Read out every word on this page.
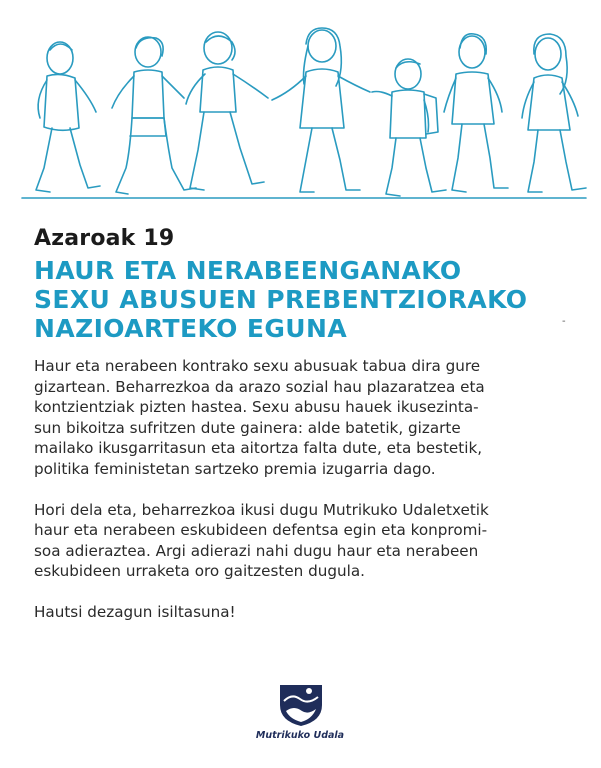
Azaroak 19
HAUR ETA NERABEENGANAKO
SEXU ABUSUEN PREBENTZIORAKO
NAZIOARTEKO EGUNA	-

Haur eta nerabeen kontrako sexu abusuak tabua dira gure
gizartean. Beharrezkoa da arazo sozial hau plazaratzea eta
kontzientziak pizten hastea. Sexu abusu hauek ikusezinta-
sun bikoitza sufritzen dute gainera: alde batetik, gizarte
mailako ikusgarritasun eta aitortza falta dute, eta bestetik,
politika feministetan sartzeko premia izugarria dago.

Hori dela eta, beharrezkoa ikusi dugu Mutrikuko Udaletxetik
haur eta nerabeen eskubideen defentsa egin eta konpromi-
soa adieraztea. Argi adierazi nahi dugu haur eta nerabeen
eskubideen urraketa oro gaitzesten dugula.

Hautsi dezagun isiltasuna!

Mutrikuko Udala
